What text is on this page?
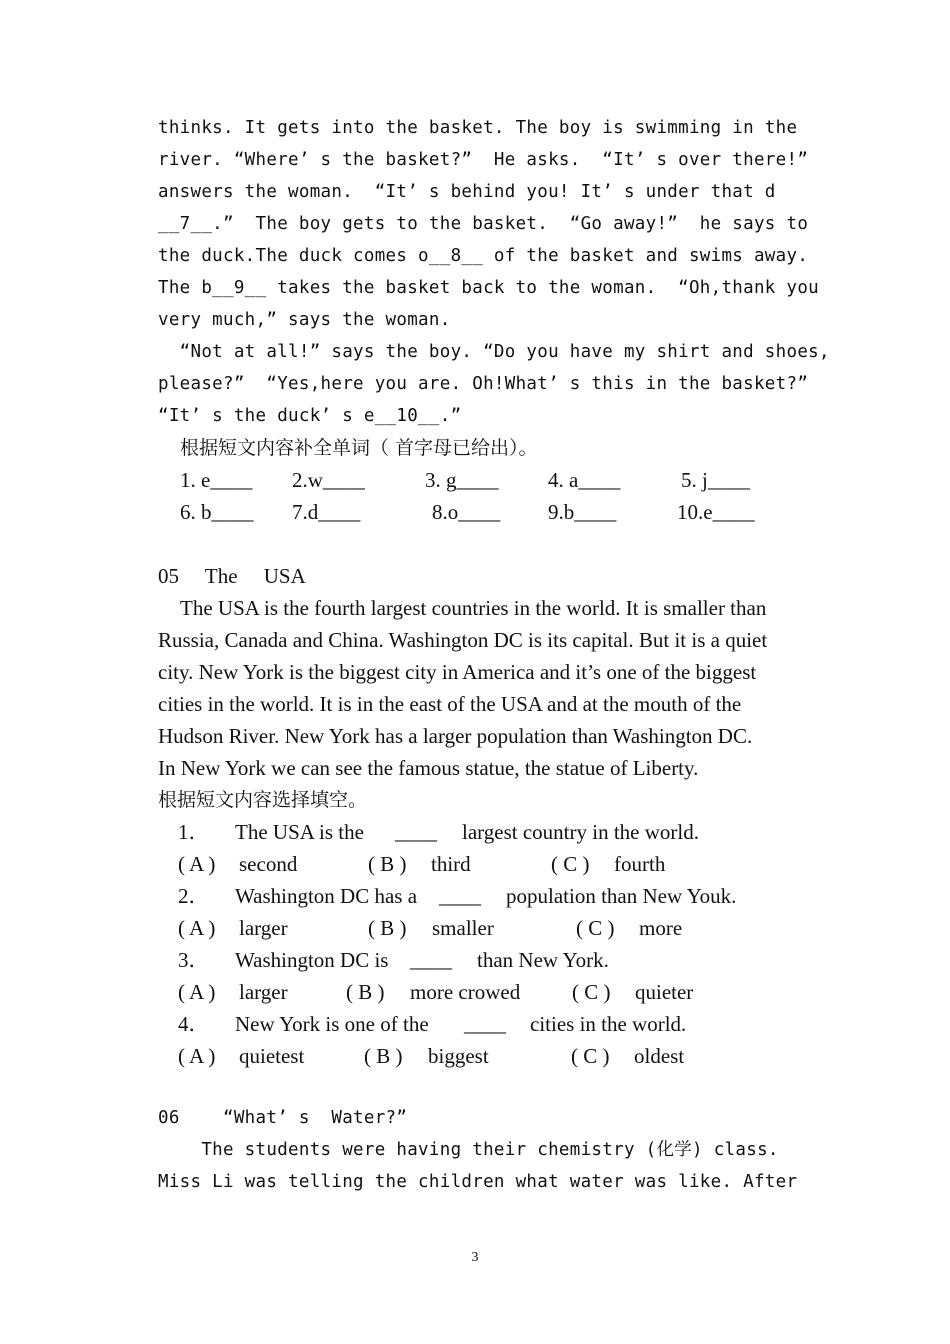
thinks. It gets into the basket. The boy is swimming in the
river. “Where’ s the basket?”  He asks.  “It’ s over there!”
answers the woman.  “It’ s behind you! It’ s under that d
__7__.”  The boy gets to the basket.  “Go away!”  he says to
the duck.The duck comes o__8__ of the basket and swims away.
The b__9__ takes the basket back to the woman.  “Oh,thank you
very much,” says the woman.
“Not at all!” says the boy. “Do you have my shirt and shoes,
please?”  “Yes,here you are. Oh!What’ s this in the basket?”
“It’ s the duck’ s e__10__.”
根据短文内容补全单词（ 首字母已给出）。
1. e____ 2.w____	3. g____ 4. a____	5. j____
6. b____ 7.d____	8.o____ 9.b____	10.e____
05     The     USA
The USA is the fourth largest countries in the world. It is smaller than
Russia, Canada and China. Washington DC is its capital. But it is a quiet
city. New York is the biggest city in America and it’s one of the biggest
cities in the world. It is in the east of the USA and at the mouth of the
Hudson River. New York has a larger population than Washington DC.
In New York we can see the famous statue, the statue of Liberty.
根据短文内容选择填空。
1． The USA is the ____ largest country in the world.
( A ) second	( B ) third	( C ) fourth
2． Washington DC has a ____ population than New Youk.
( A ) larger	( B ) smaller	( C ) more
3． Washington DC is ____ than New York.
( A ) larger	( B ) more crowed ( C ) quieter
4． New York is one of the ____ cities in the world.
( A ) quietest	( B ) biggest	( C ) oldest
06    “What’ s  Water?”
The students were having their chemistry (化学) class.
Miss Li was telling the children what water was like. After
3
